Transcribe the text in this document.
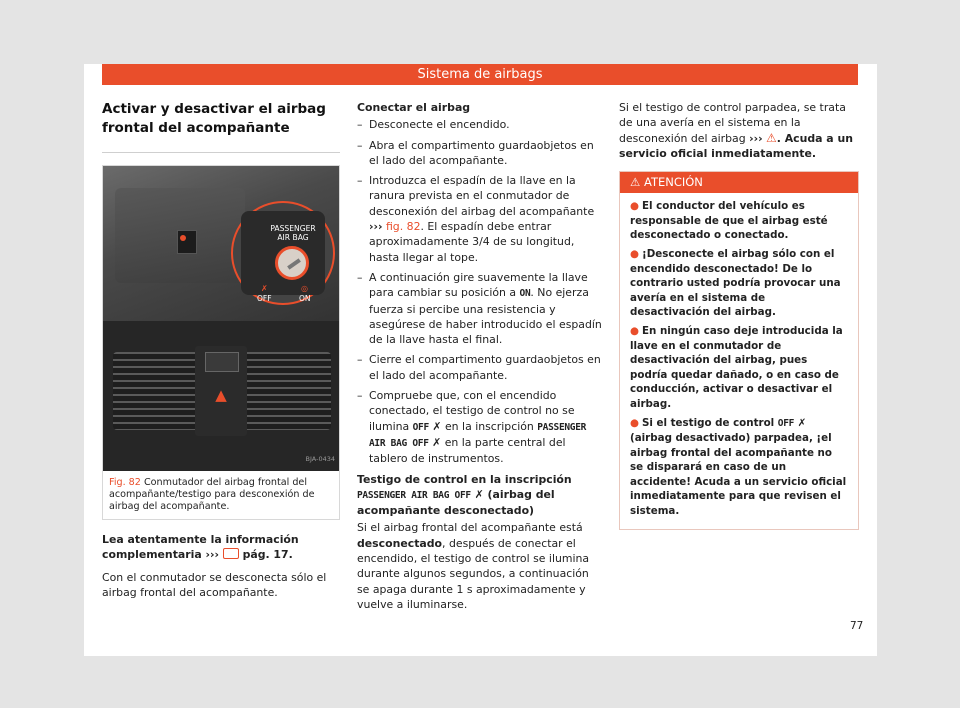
Sistema de airbags
Activar y desactivar el airbag frontal del acompañante
PASSENGER
AIR BAG
✗	◎
OFF	ON
▲
BJA-0434
Fig. 82 Conmutador del airbag frontal del acompañante/testigo para desconexión de airbag del acompañante.

Lea atentamente la información complementaria ››› pág. 17.

Con el conmutador se desconecta sólo el airbag frontal del acompañante.

Conectar el airbag
– Desconecte el encendido.
– Abra el compartimento guardaobjetos en el lado del acompañante.
– Introduzca el espadín de la llave en la ranura prevista en el conmutador de desconexión del airbag del acompañante ››› fig. 82. El espadín debe entrar aproximadamente 3/4 de su longitud, hasta llegar al tope.
– A continuación gire suavemente la llave para cambiar su posición a ON. No ejerza fuerza si percibe una resistencia y asegúrese de haber introducido el espadín de la llave hasta el final.
– Cierre el compartimento guardaobjetos en el lado del acompañante.
– Compruebe que, con el encendido conectado, el testigo de control no se ilumina OFF ✗ en la inscripción PASSENGER AIR BAG OFF ✗ en la parte central del tablero de instrumentos.
Testigo de control en la inscripción PASSENGER AIR BAG OFF ✗ (airbag del acompañante desconectado)

Si el airbag frontal del acompañante está desconectado, después de conectar el encendido, el testigo de control se ilumina durante algunos segundos, a continuación se apaga durante 1 s aproximadamente y vuelve a iluminarse.

Si el testigo de control parpadea, se trata de una avería en el sistema en la desconexión del airbag ››› ⚠. Acuda a un servicio oficial inmediatamente.

⚠ ATENCIÓN
● El conductor del vehículo es responsable de que el airbag esté desconectado o conectado.
● ¡Desconecte el airbag sólo con el encendido desconectado! De lo contrario usted podría provocar una avería en el sistema de desactivación del airbag.
● En ningún caso deje introducida la llave en el conmutador de desactivación del airbag, pues podría quedar dañado, o en caso de conducción, activar o desactivar el airbag.
● Si el testigo de control OFF ✗ (airbag desactivado) parpadea, ¡el airbag frontal del acompañante no se disparará en caso de un accidente! Acuda a un servicio oficial inmediatamente para que revisen el sistema.
77
